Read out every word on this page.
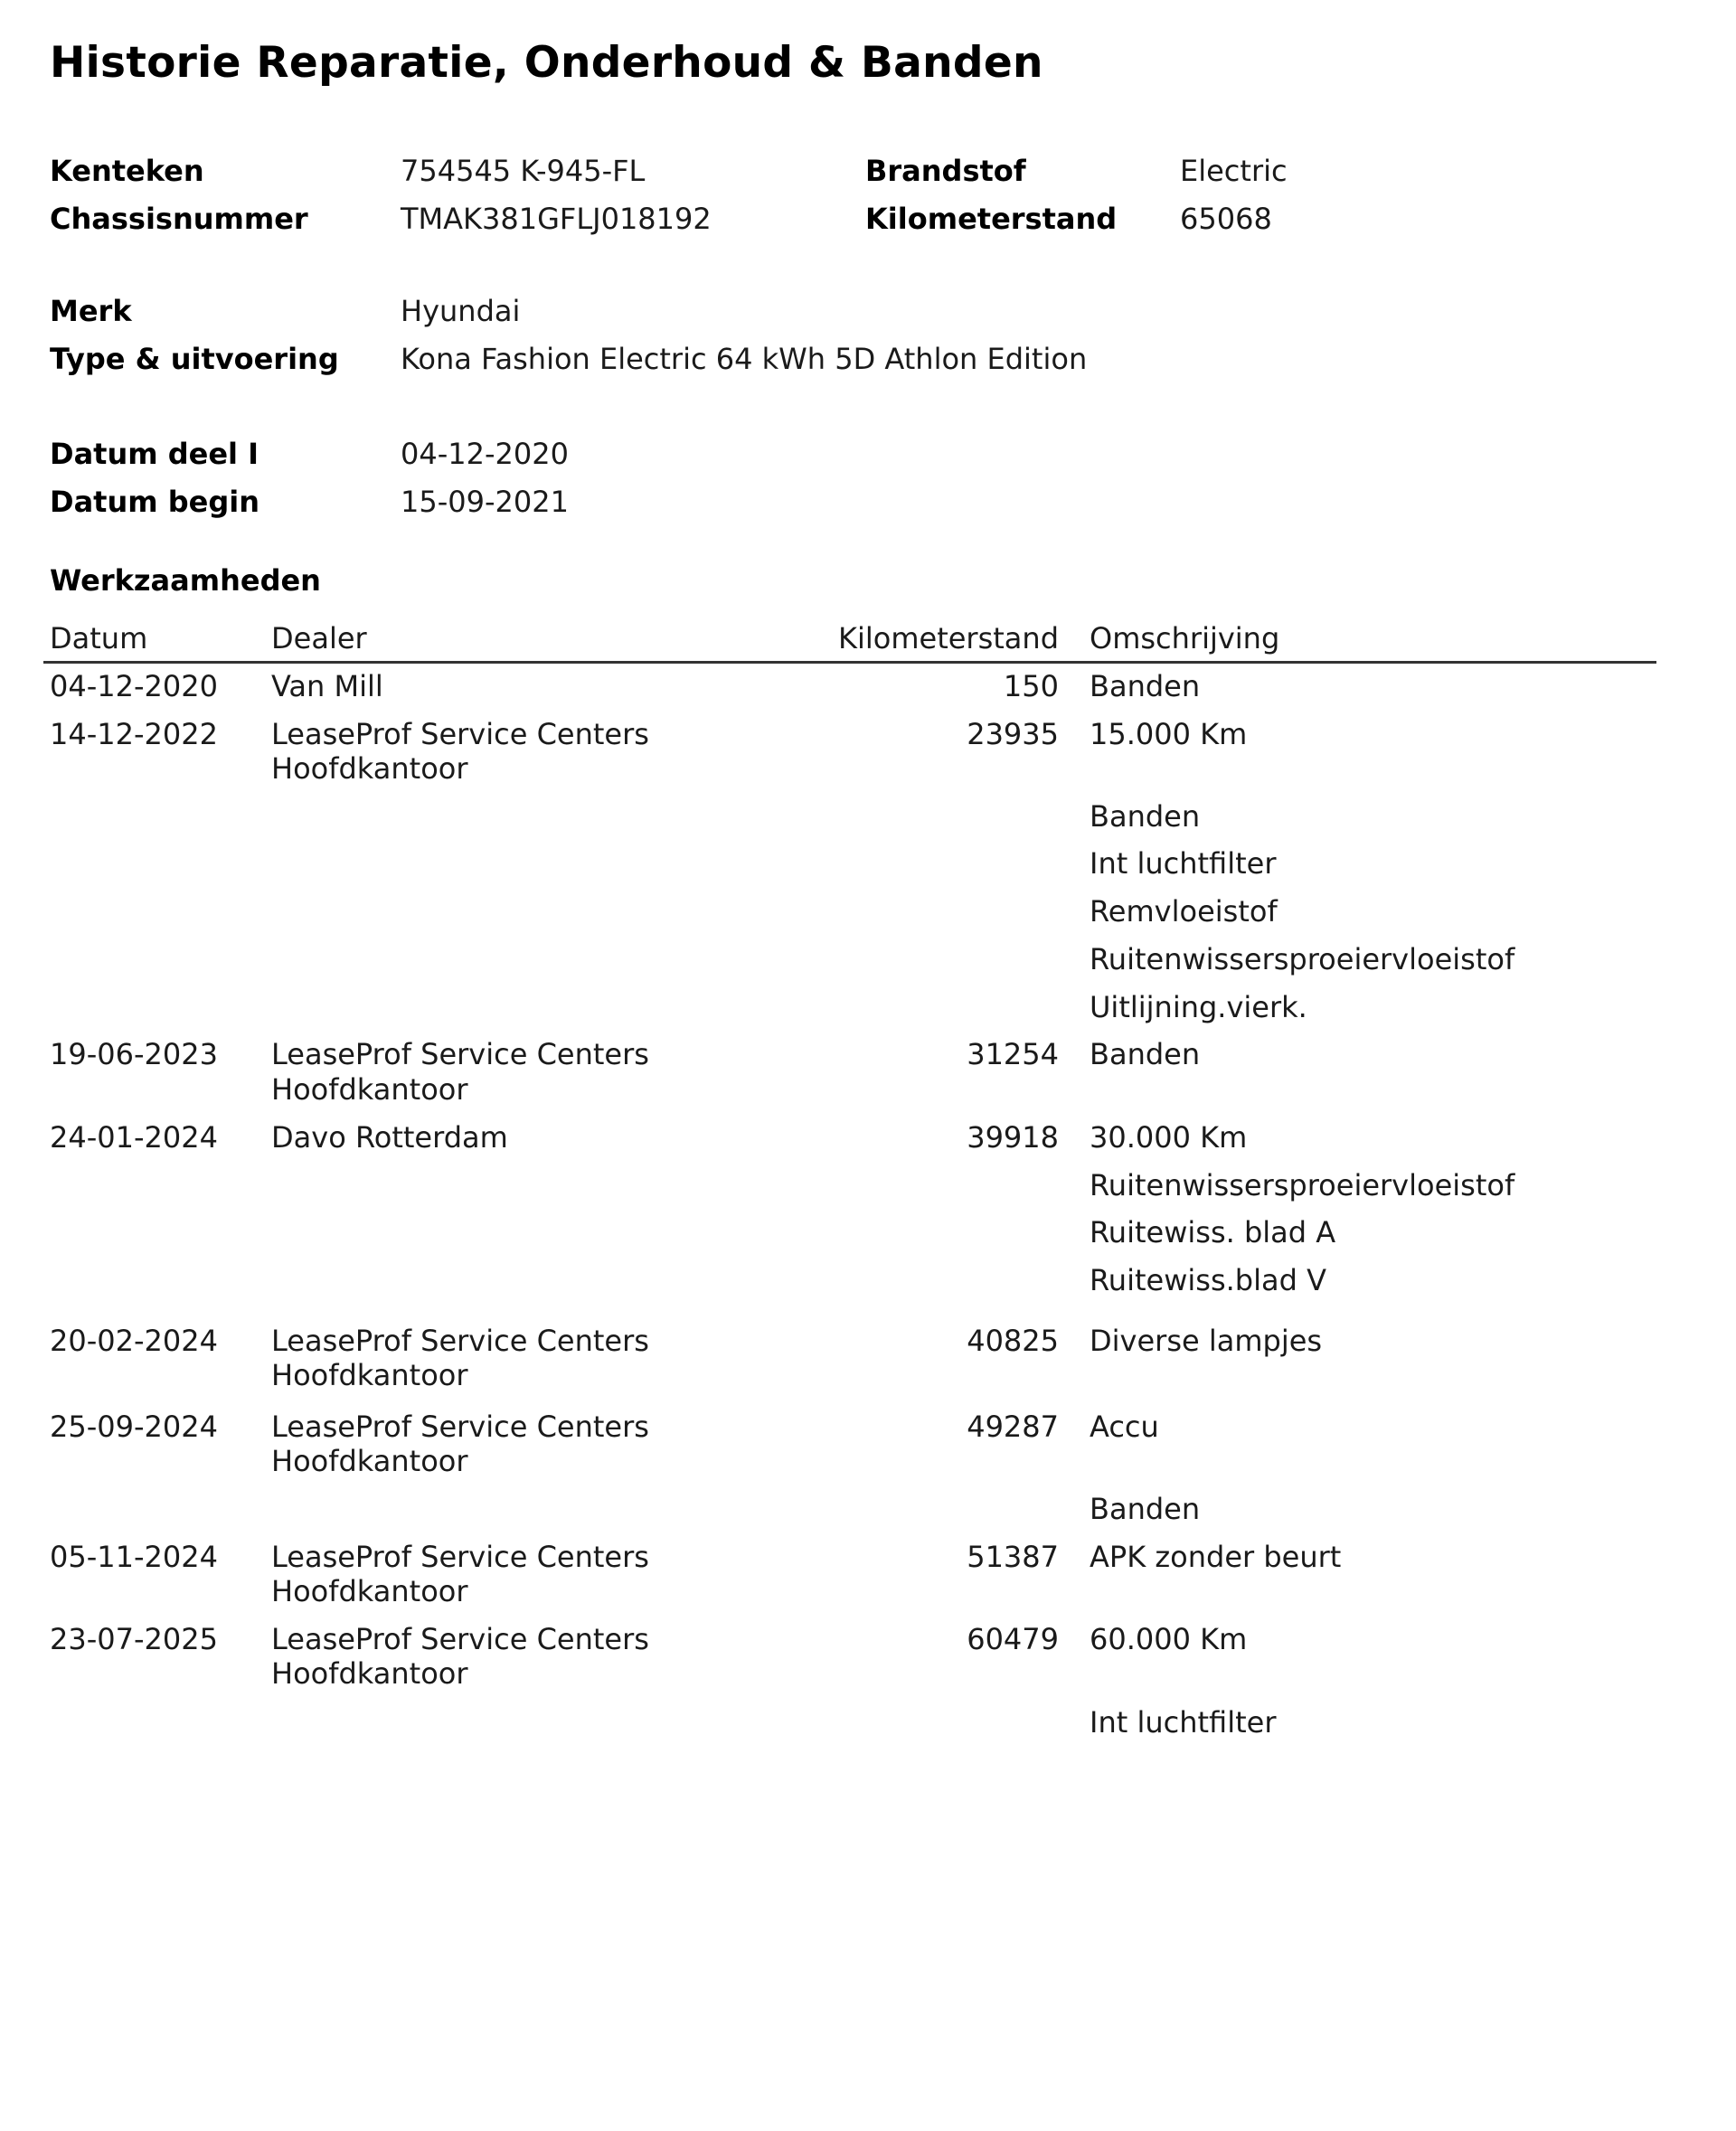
Historie Reparatie, Onderhoud & Banden
Kenteken	754545 K-945-FL	Brandstof	Electric
Chassisnummer	TMAK381GFLJ018192	Kilometerstand 65068
Merk	Hyundai
Type & uitvoering Kona Fashion Electric 64 kWh 5D Athlon Edition
Datum deel I	04-12-2020
Datum begin	15-09-2021
Werkzaamheden
Datum	Dealer	Kilometerstand Omschrijving
04-12-2020 Van Mill	150 Banden
14-12-2022 LeaseProf Service Centers
Hoofdkantoor
23935 15.000 Km
Banden
Int luchtfilter
Remvloeistof
Ruitenwissersproeiervloeistof
Uitlijning.vierk.
19-06-2023 LeaseProf Service Centers
Hoofdkantoor
31254 Banden
24-01-2024 Davo Rotterdam	39918 30.000 Km
Ruitenwissersproeiervloeistof
Ruitewiss. blad A
Ruitewiss.blad V
20-02-2024 LeaseProf Service Centers
Hoofdkantoor
40825 Diverse lampjes
25-09-2024 LeaseProf Service Centers
Hoofdkantoor
49287 Accu
Banden
05-11-2024 LeaseProf Service Centers
Hoofdkantoor
51387 APK zonder beurt
23-07-2025 LeaseProf Service Centers
Hoofdkantoor
60479 60.000 Km
Int luchtfilter
